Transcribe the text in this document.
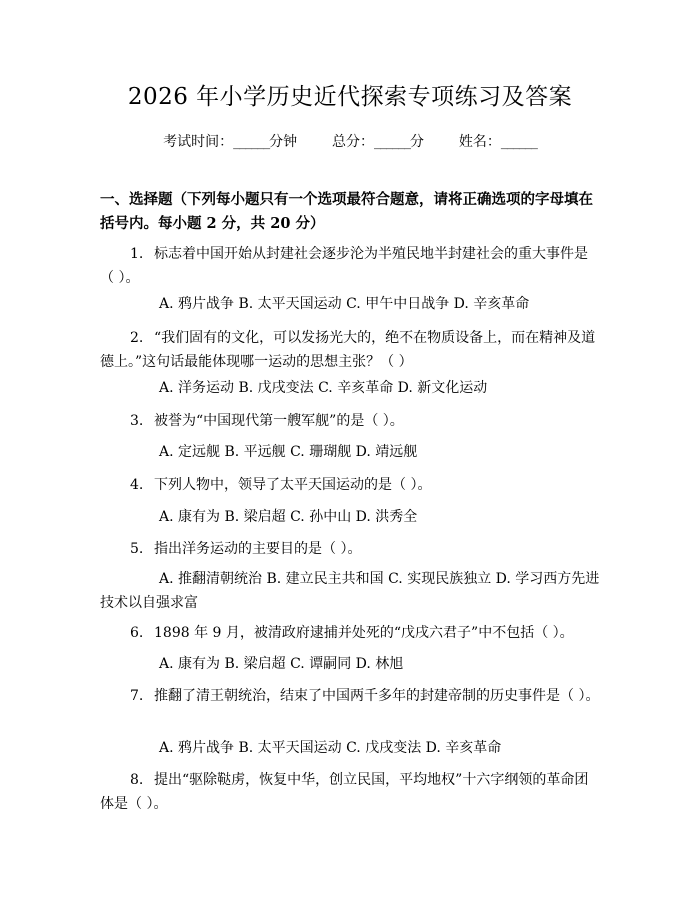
2026 年小学历史近代探索专项练习及答案
考试时间：______分钟 总分：______分 姓名：______
一、选择题（下列每小题只有一个选项最符合题意，请将正确选项的字母填在括号内。每小题 2 分，共 20 分）
1. 标志着中国开始从封建社会逐步沦为半殖民地半封建社会的重大事件是（ ）。
A. 鸦片战争 B. 太平天国运动 C. 甲午中日战争 D. 辛亥革命
2. “我们固有的文化，可以发扬光大的，绝不在物质设备上，而在精神及道德上。”这句话最能体现哪一运动的思想主张？（ ）
A. 洋务运动 B. 戊戌变法 C. 辛亥革命 D. 新文化运动
3. 被誉为“中国现代第一艘军舰”的是（ ）。
A. 定远舰 B. 平远舰 C. 珊瑚舰 D. 靖远舰
4. 下列人物中，领导了太平天国运动的是（ ）。
A. 康有为 B. 梁启超 C. 孙中山 D. 洪秀全
5. 指出洋务运动的主要目的是（ ）。
A. 推翻清朝统治 B. 建立民主共和国 C. 实现民族独立 D. 学习西方先进技术以自强求富
6. 1898 年 9 月，被清政府逮捕并处死的“戊戌六君子”中不包括（ ）。
A. 康有为 B. 梁启超 C. 谭嗣同 D. 林旭
7. 推翻了清王朝统治，结束了中国两千多年的封建帝制的历史事件是（ ）。
A. 鸦片战争 B. 太平天国运动 C. 戊戌变法 D. 辛亥革命
8. 提出“驱除鞑虏，恢复中华，创立民国，平均地权”十六字纲领的革命团体是（ ）。
